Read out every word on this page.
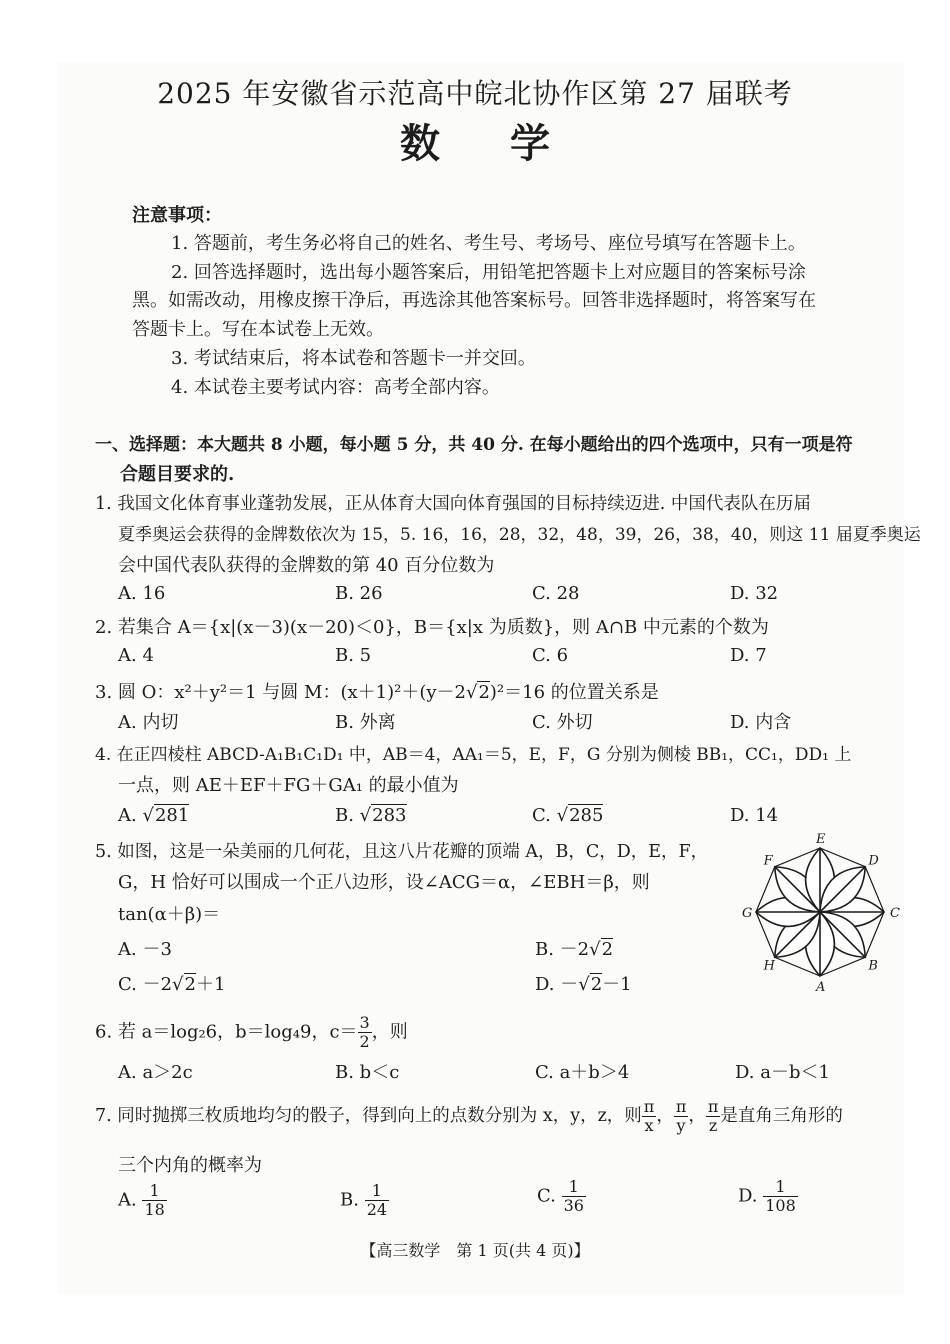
2025 年安徽省示范高中皖北协作区第 27 届联考
数学
注意事项：
1. 答题前，考生务必将自己的姓名、考生号、考场号、座位号填写在答题卡上。
2. 回答选择题时，选出每小题答案后，用铅笔把答题卡上对应题目的答案标号涂
黑。如需改动，用橡皮擦干净后，再选涂其他答案标号。回答非选择题时，将答案写在
答题卡上。写在本试卷上无效。
3. 考试结束后，将本试卷和答题卡一并交回。
4. 本试卷主要考试内容：高考全部内容。
一、选择题：本大题共 8 小题，每小题 5 分，共 40 分. 在每小题给出的四个选项中，只有一项是符
合题目要求的.
1. 我国文化体育事业蓬勃发展，正从体育大国向体育强国的目标持续迈进. 中国代表队在历届
夏季奥运会获得的金牌数依次为 15，5. 16，16，28，32，48，39，26，38，40，则这 11 届夏季奥运
会中国代表队获得的金牌数的第 40 百分位数为
A. 16	B. 26	C. 28	D. 32
2. 若集合 A＝{x|(x－3)(x－20)＜0}，B＝{x|x 为质数}，则 A∩B 中元素的个数为
A. 4	B. 5	C. 6	D. 7
3. 圆 O：x²＋y²＝1 与圆 M：(x＋1)²＋(y－2√2)²＝16 的位置关系是
A. 内切	B. 外离	C. 外切	D. 内含
4. 在正四棱柱 ABCD-A₁B₁C₁D₁ 中，AB＝4，AA₁＝5，E，F，G 分别为侧棱 BB₁，CC₁，DD₁ 上
一点，则 AE＋EF＋FG＋GA₁ 的最小值为
A. √281	B. √283	C. √285	D. 14
5. 如图，这是一朵美丽的几何花，且这八片花瓣的顶端 A，B，C，D，E，F，
G，H 恰好可以围成一个正八边形，设∠ACG＝α，∠EBH＝β，则
tan(α＋β)＝
A. －3	B. －2√2
C. －2√2＋1	D. －√2－1
C
B
A
H
G
F
E
D
6. 若 a＝log₂6，b＝log₄9，$c= \frac{3}{2}$ ，则
A. a＞2c	B. b＜c	C. a＋b＞4	D. a－b＜1
7. 同时抛掷三枚质地均匀的骰子，得到向上的点数分别为 x，y，z，则 $\frac{\pi}{x}$ ， $\frac{\pi}{y}$ ， $\frac{\pi}{z}$ 是直角三角形的
三个内角的概率为
A. $\frac{1}{18}$	B. $\frac{1}{24}$	C. $\frac{1}{36}$	D. $\frac{1}{108}$
【高三数学　第 1 页(共 4 页)】
